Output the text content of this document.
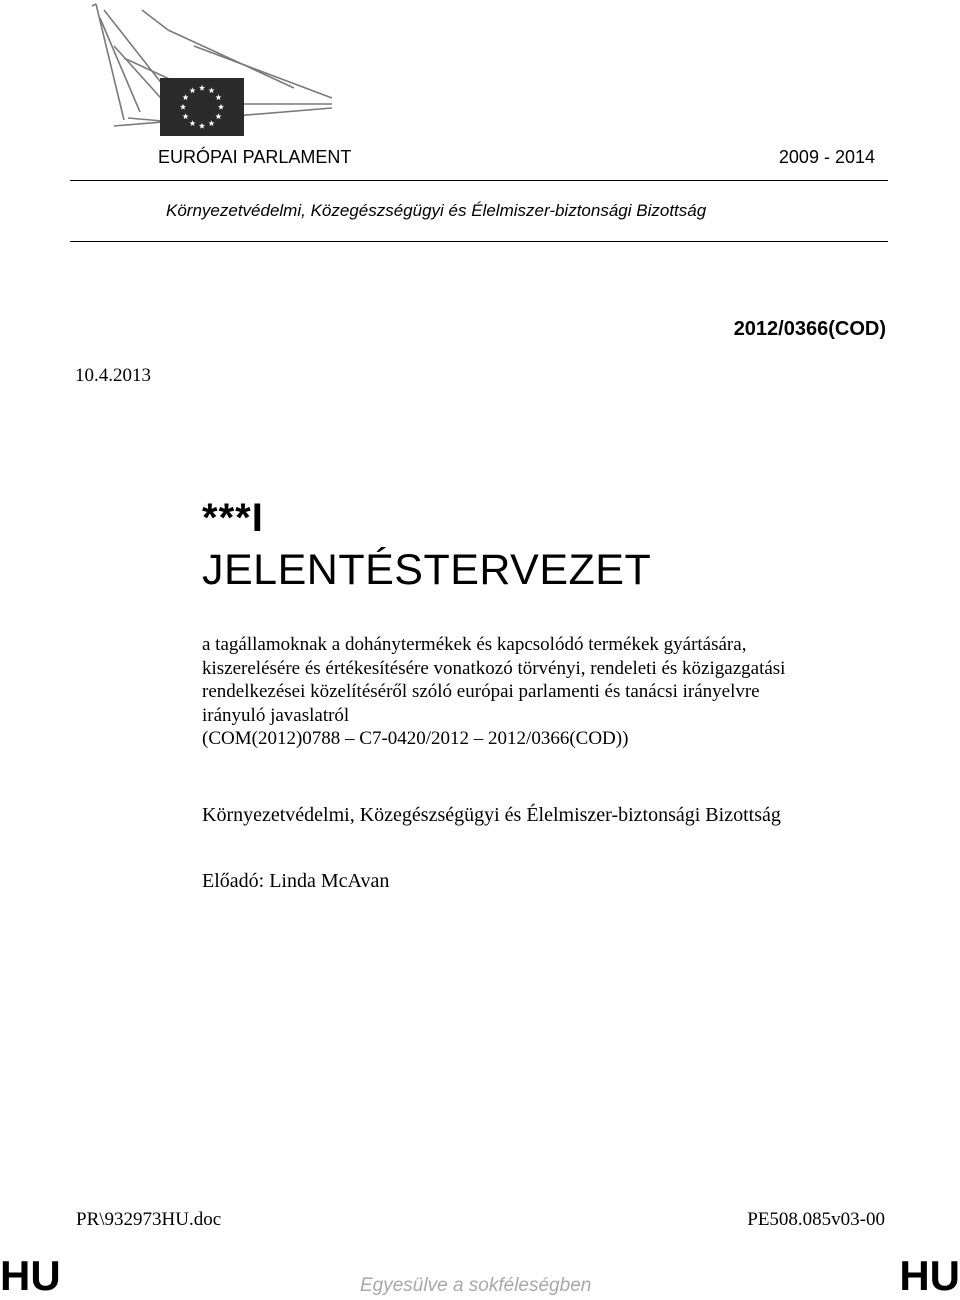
EURÓPAI PARLAMENT	2009 - 2014
Környezetvédelmi, Közegészségügyi és Élelmiszer-biztonsági Bizottság
2012/0366(COD)
10.4.2013
***I
JELENTÉSTERVEZET
a tagállamoknak a dohánytermékek és kapcsolódó termékek gyártására,
kiszerelésére és értékesítésére vonatkozó törvényi, rendeleti és közigazgatási
rendelkezései közelítéséről szóló európai parlamenti és tanácsi irányelvre
irányuló javaslatról
(COM(2012)0788 – C7-0420/2012 – 2012/0366(COD))
Környezetvédelmi, Közegészségügyi és Élelmiszer-biztonsági Bizottság
Előadó: Linda McAvan
PR\932973HU.doc	PE508.085v03-00
HU	Egyesülve a sokféleségben	HU
